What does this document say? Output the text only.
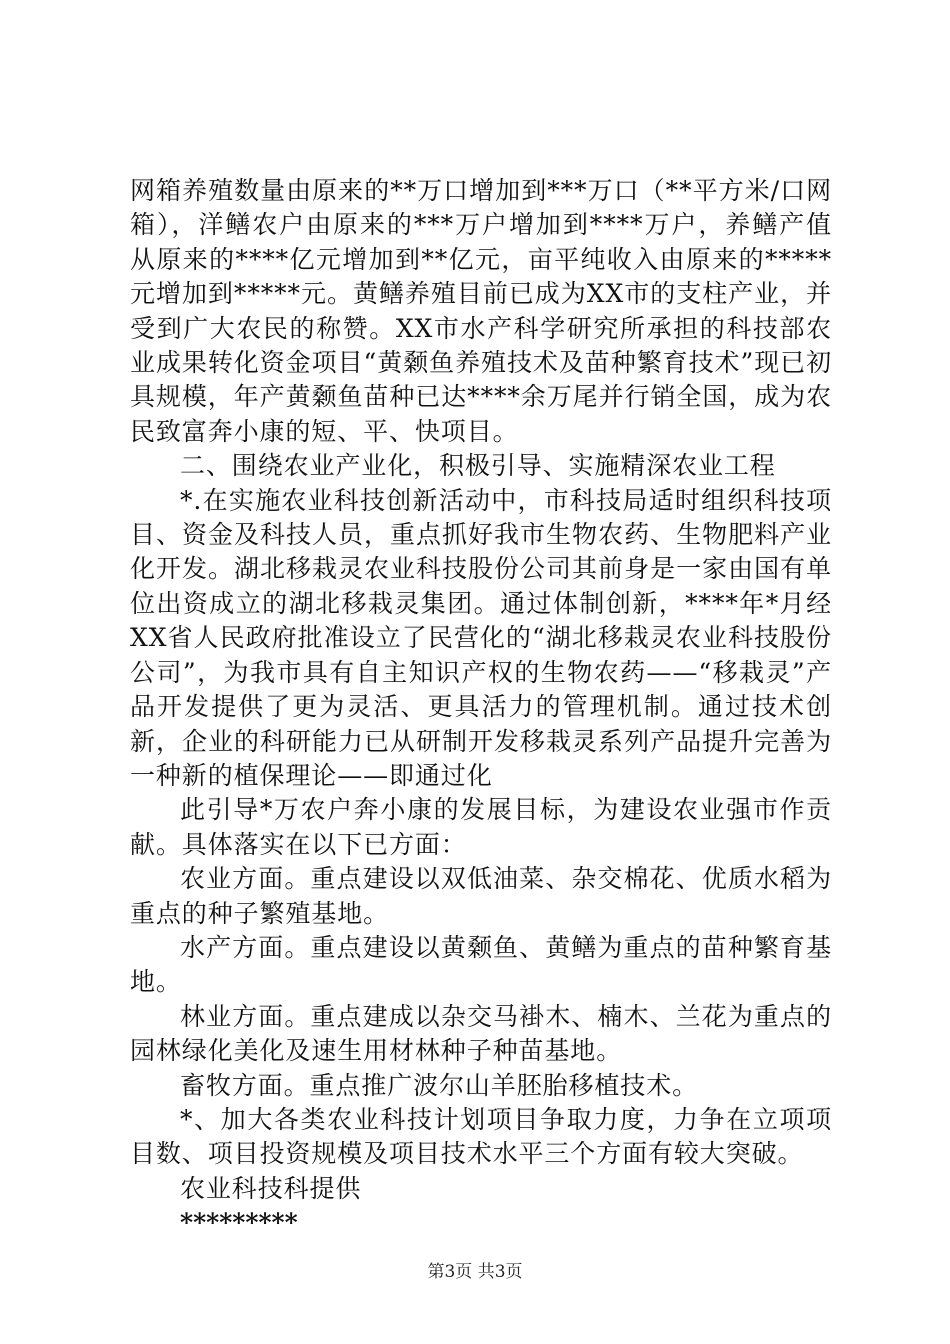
网箱养殖数量由原来的**万口增加到***万口（**平方米/口网箱），洋鳝农户由原来的***万户增加到****万户，养鳝产值从原来的****亿元增加到**亿元，亩平纯收入由原来的*****元增加到*****元。黄鳝养殖目前已成为XX市的支柱产业，并受到广大农民的称赞。XX市水产科学研究所承担的科技部农业成果转化资金项目“黄颡鱼养殖技术及苗种繁育技术”现已初具规模，年产黄颡鱼苗种已达****余万尾并行销全国，成为农民致富奔小康的短、平、快项目。

二、围绕农业产业化，积极引导、实施精深农业工程

*.在实施农业科技创新活动中，市科技局适时组织科技项目、资金及科技人员，重点抓好我市生物农药、生物肥料产业化开发。湖北移栽灵农业科技股份公司其前身是一家由国有单位出资成立的湖北移栽灵集团。通过体制创新，****年*月经XX省人民政府批准设立了民营化的“湖北移栽灵农业科技股份公司”，为我市具有自主知识产权的生物农药——“移栽灵”产品开发提供了更为灵活、更具活力的管理机制。通过技术创新，企业的科研能力已从研制开发移栽灵系列产品提升完善为一种新的植保理论——即通过化

此引导*万农户奔小康的发展目标，为建设农业强市作贡献。具体落实在以下已方面：

农业方面。重点建设以双低油菜、杂交棉花、优质水稻为重点的种子繁殖基地。

水产方面。重点建设以黄颡鱼、黄鳝为重点的苗种繁育基地。

林业方面。重点建成以杂交马褂木、楠木、兰花为重点的园林绿化美化及速生用材林种子种苗基地。

畜牧方面。重点推广波尔山羊胚胎移植技术。

*、加大各类农业科技计划项目争取力度，力争在立项项目数、项目投资规模及项目技术水平三个方面有较大突破。

农业科技科提供

*********

第3页 共3页
